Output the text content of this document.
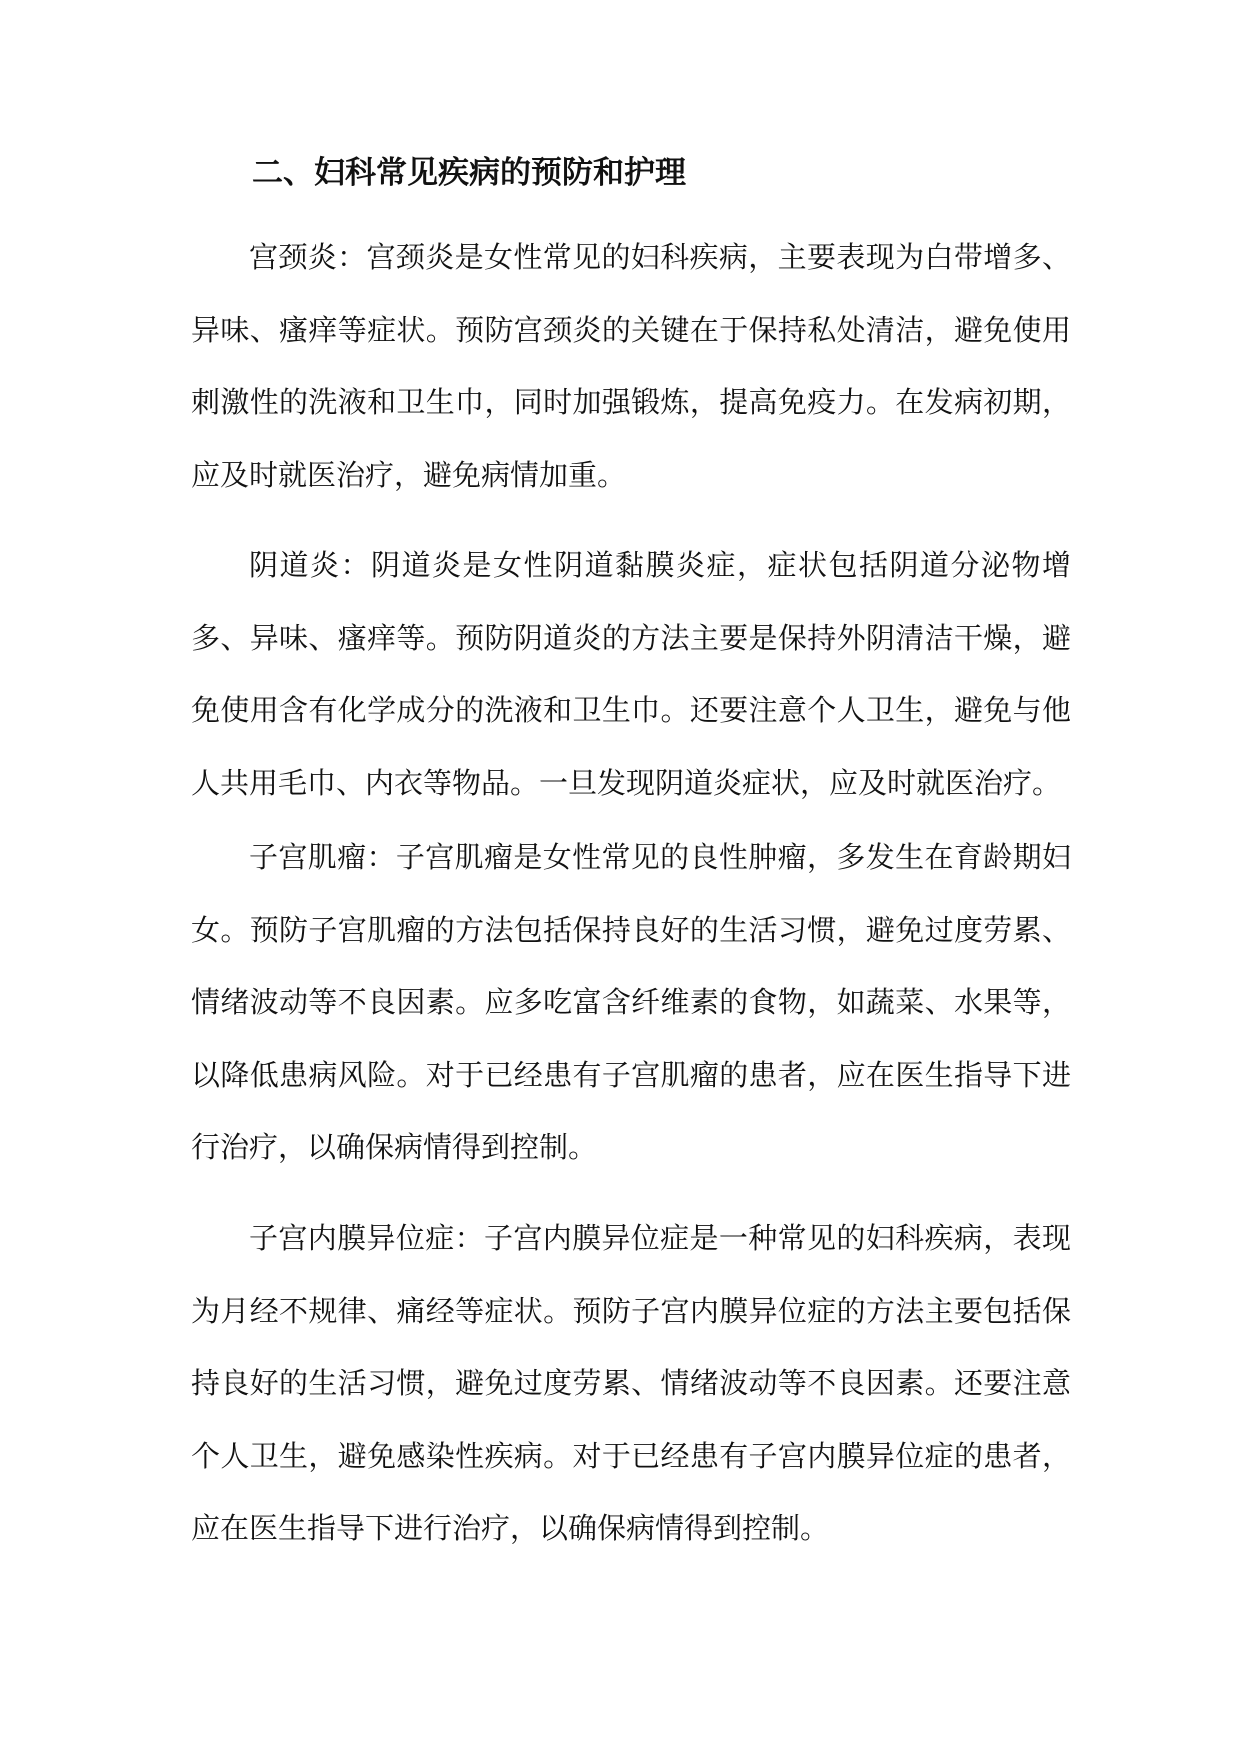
二、妇科常见疾病的预防和护理

宫颈炎：宫颈炎是女性常见的妇科疾病，主要表现为白带增多、异味、瘙痒等症状。预防宫颈炎的关键在于保持私处清洁，避免使用刺激性的洗液和卫生巾，同时加强锻炼，提高免疫力。在发病初期，应及时就医治疗，避免病情加重。

阴道炎：阴道炎是女性阴道黏膜炎症，症状包括阴道分泌物增多、异味、瘙痒等。预防阴道炎的方法主要是保持外阴清洁干燥，避免使用含有化学成分的洗液和卫生巾。还要注意个人卫生，避免与他人共用毛巾、内衣等物品。一旦发现阴道炎症状，应及时就医治疗。

子宫肌瘤：子宫肌瘤是女性常见的良性肿瘤，多发生在育龄期妇女。预防子宫肌瘤的方法包括保持良好的生活习惯，避免过度劳累、情绪波动等不良因素。应多吃富含纤维素的食物，如蔬菜、水果等，以降低患病风险。对于已经患有子宫肌瘤的患者，应在医生指导下进行治疗，以确保病情得到控制。

子宫内膜异位症：子宫内膜异位症是一种常见的妇科疾病，表现为月经不规律、痛经等症状。预防子宫内膜异位症的方法主要包括保持良好的生活习惯，避免过度劳累、情绪波动等不良因素。还要注意个人卫生，避免感染性疾病。对于已经患有子宫内膜异位症的患者，应在医生指导下进行治疗，以确保病情得到控制。
